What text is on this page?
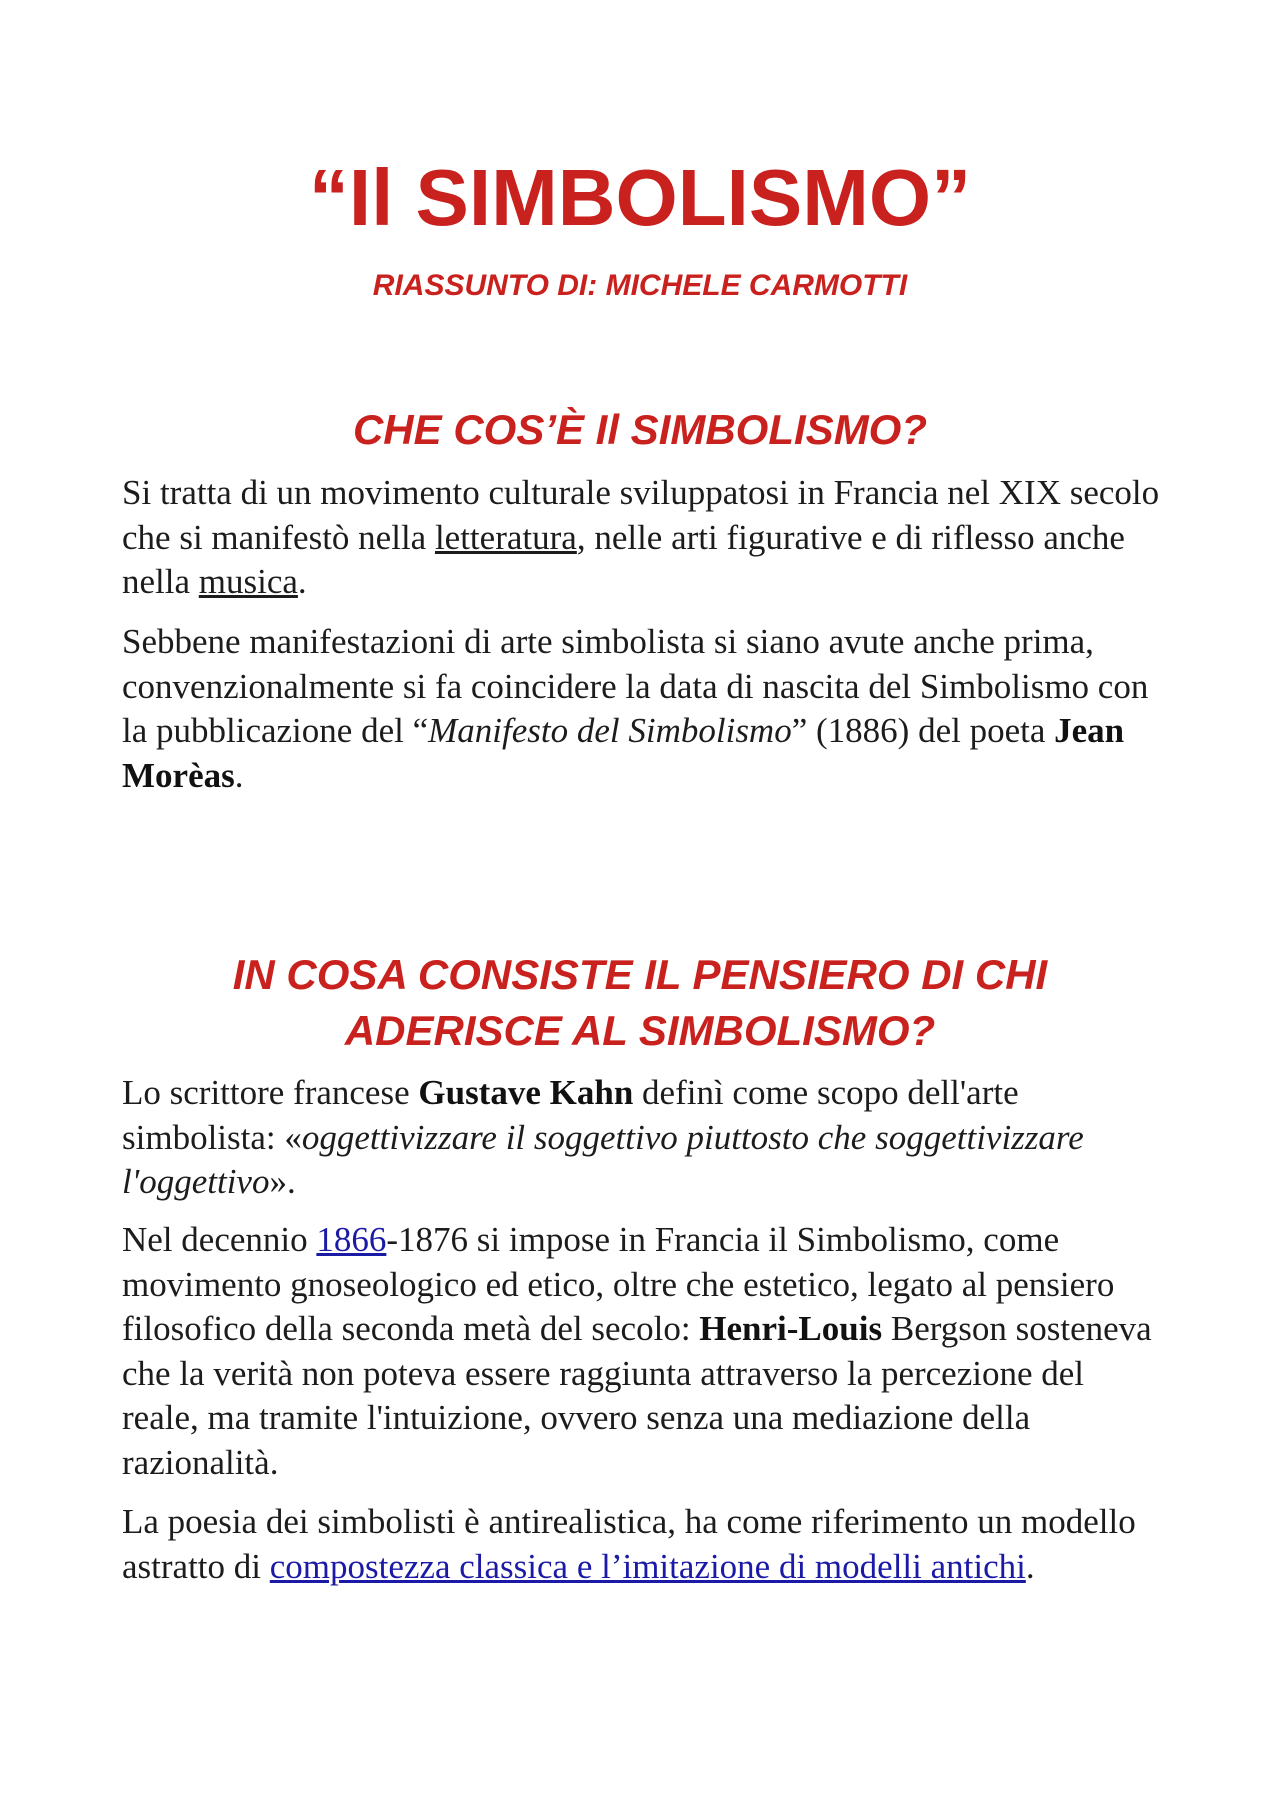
“Il SIMBOLISMO”

RIASSUNTO DI: MICHELE CARMOTTI

CHE COS’È Il SIMBOLISMO?

Si tratta di un movimento culturale sviluppatosi in Francia nel XIX secolo che si manifestò nella letteratura, nelle arti figurative e di riflesso anche nella musica.

Sebbene manifestazioni di arte simbolista si siano avute anche prima, convenzionalmente si fa coincidere la data di nascita del Simbolismo con la pubblicazione del “Manifesto del Simbolismo” (1886) del poeta Jean Morèas.

IN COSA CONSISTE IL PENSIERO DI CHI
ADERISCE AL SIMBOLISMO?

Lo scrittore francese Gustave Kahn definì come scopo dell'arte simbolista: «oggettivizzare il soggettivo piuttosto che soggettivizzare l'oggettivo».

Nel decennio 1866-1876 si impose in Francia il Simbolismo, come movimento gnoseologico ed etico, oltre che estetico, legato al pensiero filosofico della seconda metà del secolo: Henri-Louis Bergson sosteneva che la verità non poteva essere raggiunta attraverso la percezione del reale, ma tramite l'intuizione, ovvero senza una mediazione della razionalità.

La poesia dei simbolisti è antirealistica, ha come riferimento un modello astratto di compostezza classica e l’imitazione di modelli antichi.
